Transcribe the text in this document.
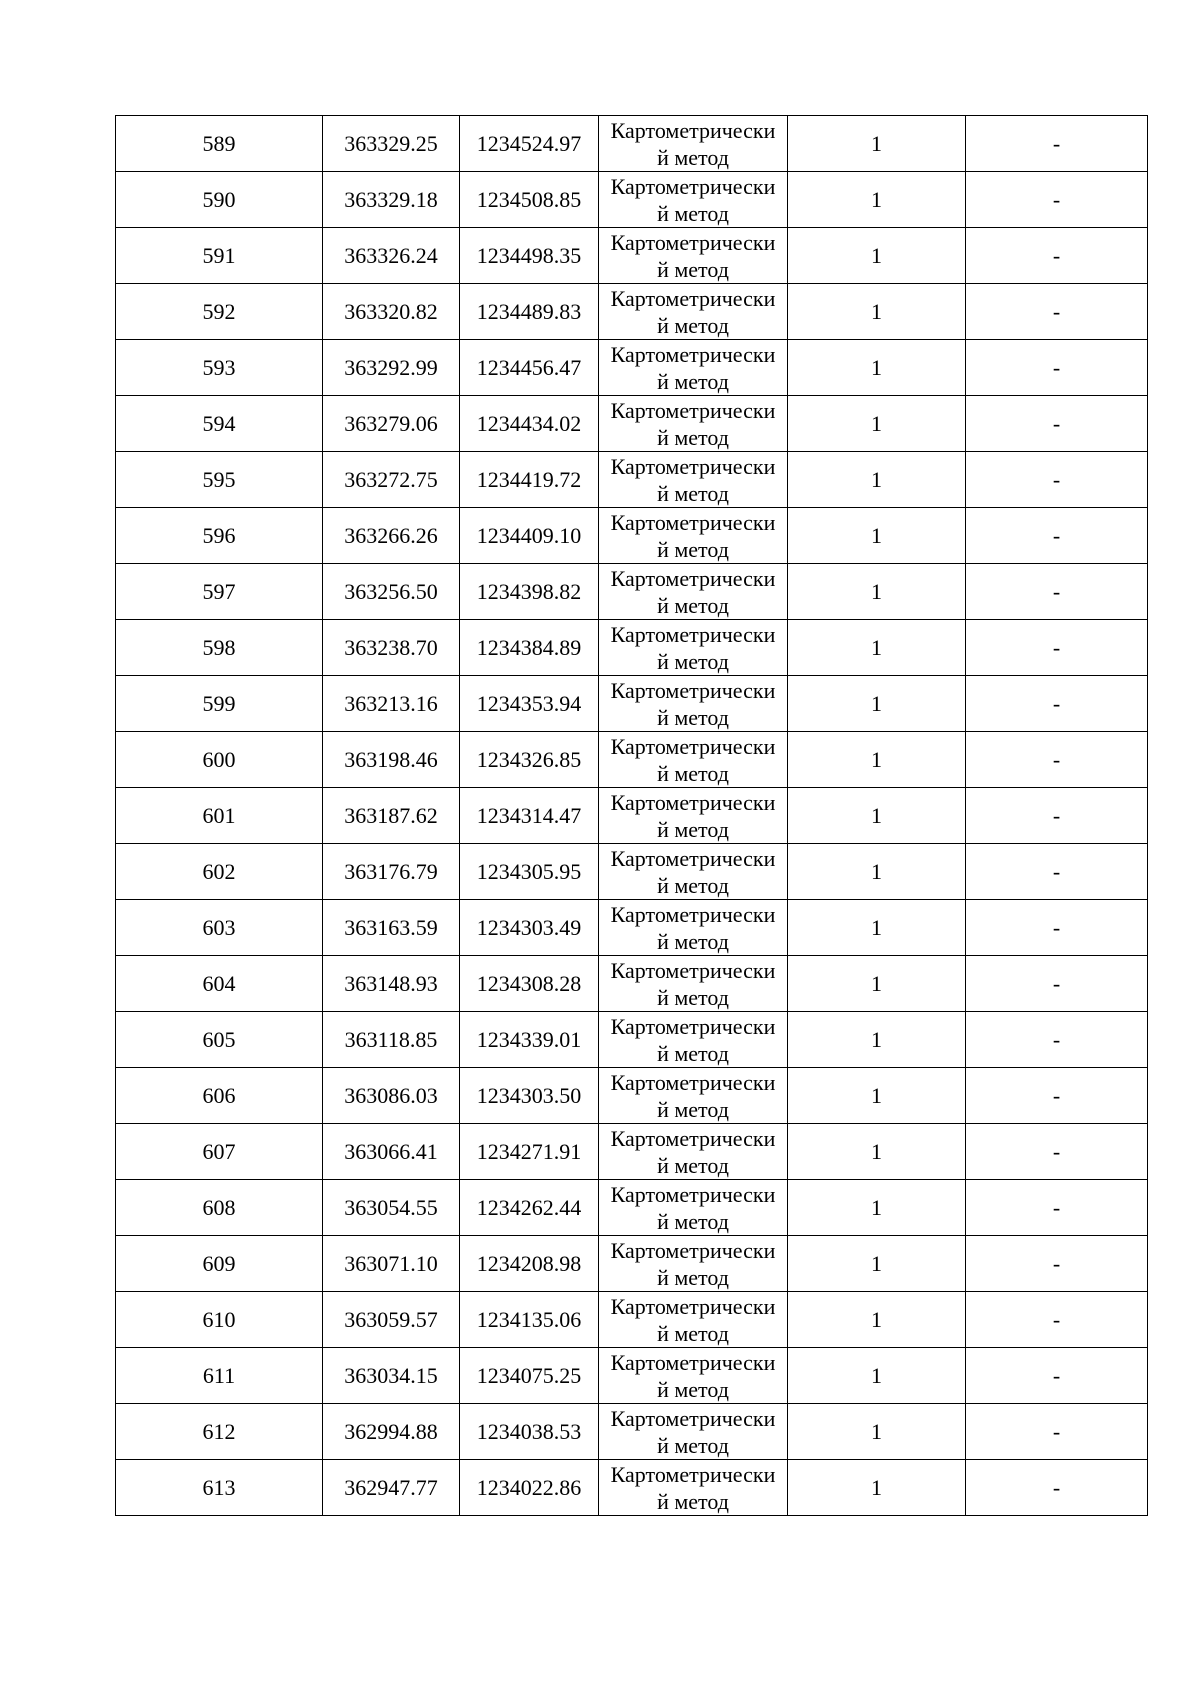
589	363329.25	1234524.97	Картометрически
й метод	1	-
590	363329.18	1234508.85	Картометрически
й метод	1	-
591	363326.24	1234498.35	Картометрически
й метод	1	-
592	363320.82	1234489.83	Картометрически
й метод	1	-
593	363292.99	1234456.47	Картометрически
й метод	1	-
594	363279.06	1234434.02	Картометрически
й метод	1	-
595	363272.75	1234419.72	Картометрически
й метод	1	-
596	363266.26	1234409.10	Картометрически
й метод	1	-
597	363256.50	1234398.82	Картометрически
й метод	1	-
598	363238.70	1234384.89	Картометрически
й метод	1	-
599	363213.16	1234353.94	Картометрически
й метод	1	-
600	363198.46	1234326.85	Картометрически
й метод	1	-
601	363187.62	1234314.47	Картометрически
й метод	1	-
602	363176.79	1234305.95	Картометрически
й метод	1	-
603	363163.59	1234303.49	Картометрически
й метод	1	-
604	363148.93	1234308.28	Картометрически
й метод	1	-
605	363118.85	1234339.01	Картометрически
й метод	1	-
606	363086.03	1234303.50	Картометрически
й метод	1	-
607	363066.41	1234271.91	Картометрически
й метод	1	-
608	363054.55	1234262.44	Картометрически
й метод	1	-
609	363071.10	1234208.98	Картометрически
й метод	1	-
610	363059.57	1234135.06	Картометрически
й метод	1	-
611	363034.15	1234075.25	Картометрически
й метод	1	-
612	362994.88	1234038.53	Картометрически
й метод	1	-
613	362947.77	1234022.86	Картометрически
й метод	1	-
